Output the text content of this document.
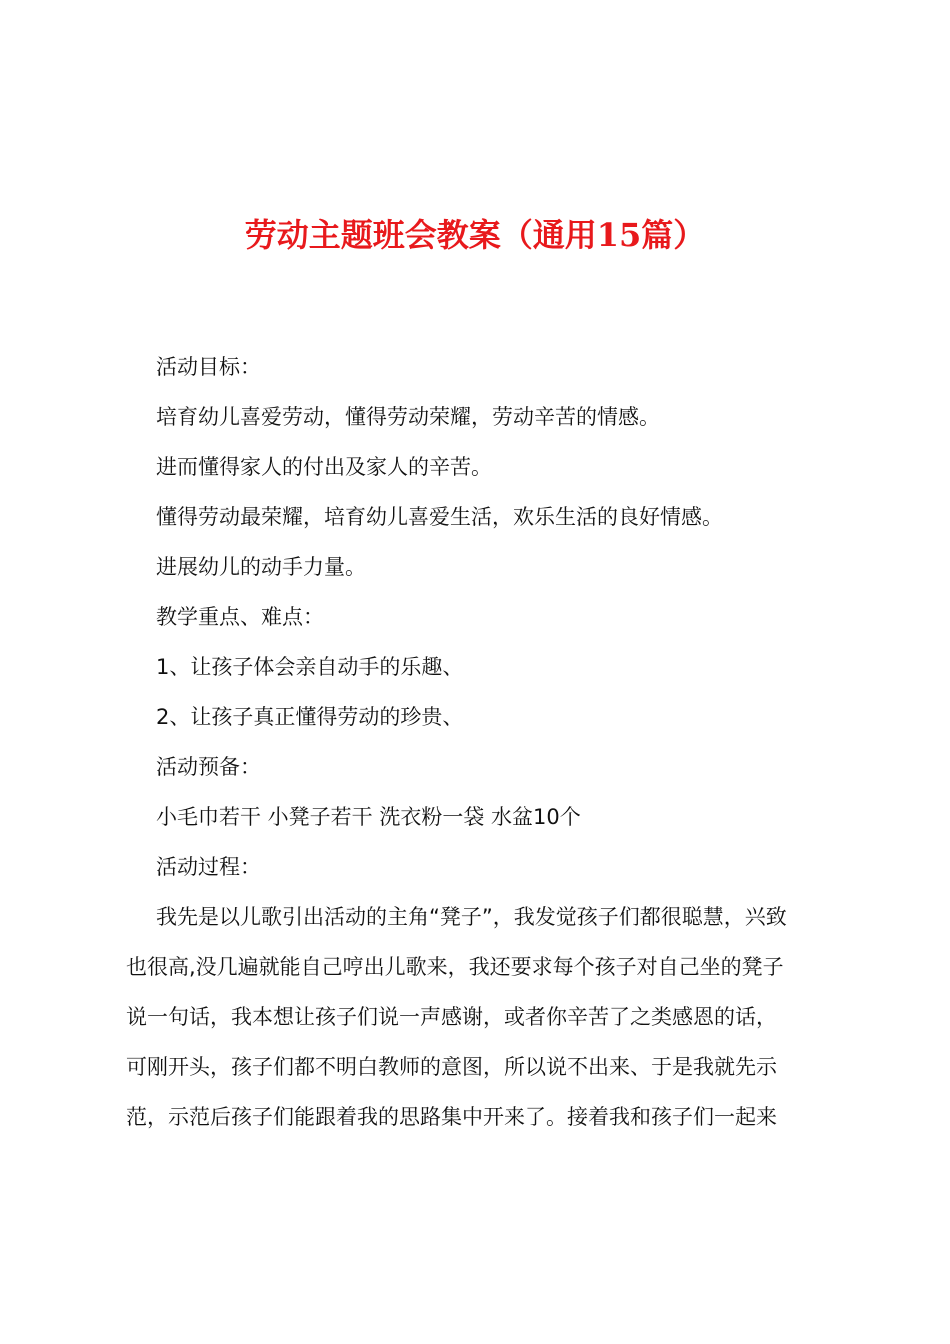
劳动主题班会教案（通用15篇）
活动目标：
培育幼儿喜爱劳动，懂得劳动荣耀，劳动辛苦的情感。
进而懂得家人的付出及家人的辛苦。
懂得劳动最荣耀，培育幼儿喜爱生活，欢乐生活的良好情感。
进展幼儿的动手力量。
教学重点、难点：
1、让孩子体会亲自动手的乐趣、
2、让孩子真正懂得劳动的珍贵、
活动预备：
小毛巾若干 小凳子若干 洗衣粉一袋 水盆10个
活动过程：
我先是以儿歌引出活动的主角“凳子”，我发觉孩子们都很聪慧，兴致
也很高,没几遍就能自己哼出儿歌来，我还要求每个孩子对自己坐的凳子
说一句话，我本想让孩子们说一声感谢，或者你辛苦了之类感恩的话，
可刚开头，孩子们都不明白教师的意图，所以说不出来、于是我就先示
范，示范后孩子们能跟着我的思路集中开来了。接着我和孩子们一起来
